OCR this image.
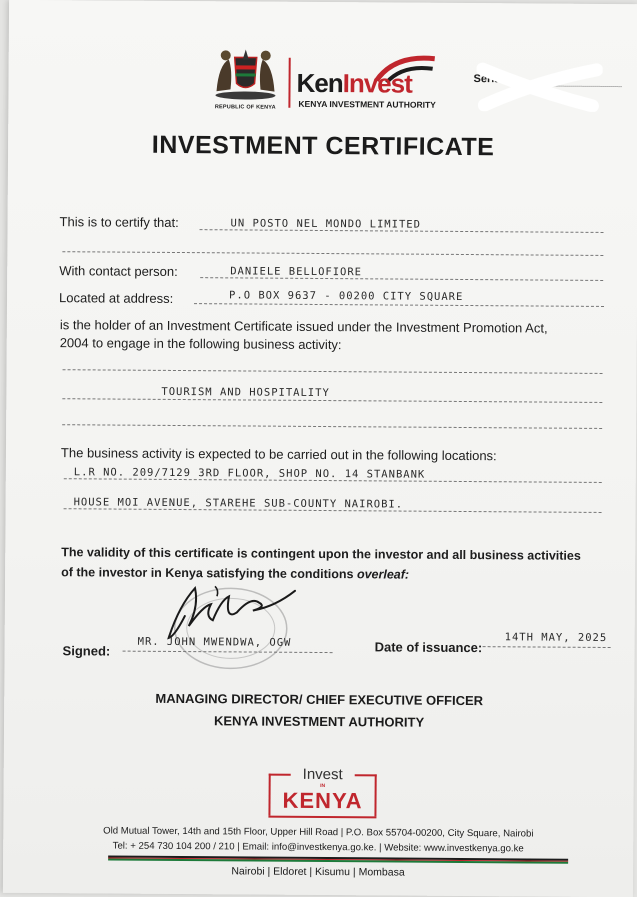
REPUBLIC OF KENYA
KenInvest
KENYA INVESTMENT AUTHORITY
Serial
INVESTMENT CERTIFICATE
This is to certify that:	UN POSTO NEL MONDO LIMITED
With contact person:	DANIELE BELLOFIORE
Located at address:	P.O BOX 9637 - 00200 CITY SQUARE
is the holder of an Investment Certificate issued under the Investment Promotion Act,
2004 to engage in the following business activity:
TOURISM AND HOSPITALITY
The business activity is expected to be carried out in the following locations:
L.R NO. 209/7129 3RD FLOOR, SHOP NO. 14 STANBANK
HOUSE MOI AVENUE, STAREHE SUB-COUNTY NAIROBI.
The validity of this certificate is contingent upon the investor and all business activities
of the investor in Kenya satisfying the conditions overleaf:
Signed:
MR. JOHN MWENDWA, OGW	Date of issuance:
14TH MAY, 2025
MANAGING DIRECTOR/ CHIEF EXECUTIVE OFFICER
KENYA INVESTMENT AUTHORITY
Invest
IN
KENYA
Old Mutual Tower, 14th and 15th Floor, Upper Hill Road | P.O. Box 55704-00200, City Square, Nairobi
Tel: + 254 730 104 200 / 210 | Email: info@investkenya.go.ke. | Website: www.investkenya.go.ke
Nairobi | Eldoret | Kisumu | Mombasa
